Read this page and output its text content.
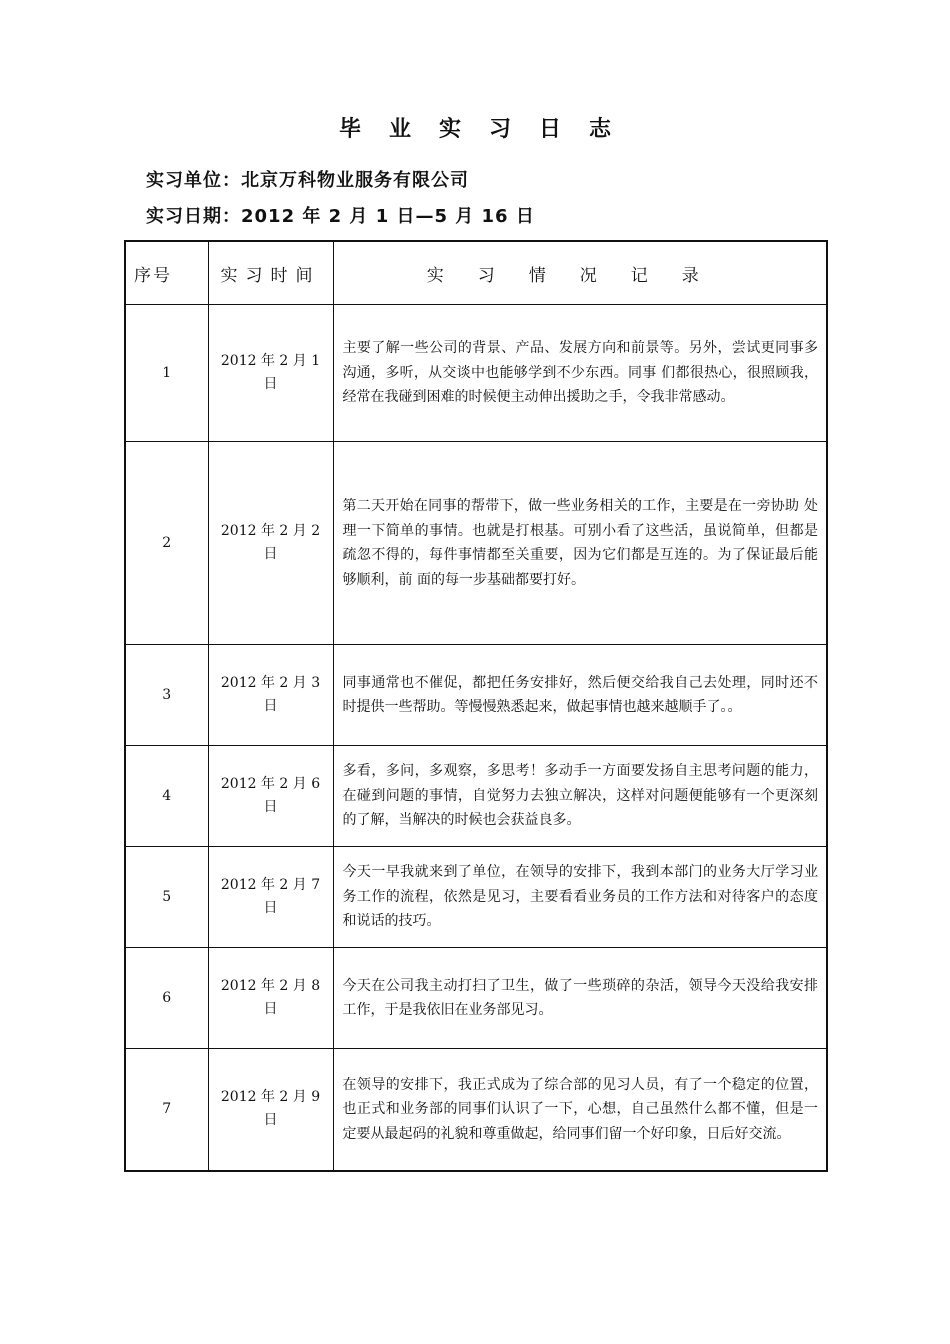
毕业实习日志
实习单位：北京万科物业服务有限公司
实习日期：2012 年 2 月 1 日—5 月 16 日
序号	实习时间	实习情况记录
1	2012 年 2 月 1 日	主要了解一些公司的背景、产品、发展方向和前景等。另外，尝试更同事多沟通，多听，从交谈中也能够学到不少东西。同事 们都很热心，很照顾我，经常在我碰到困难的时候便主动伸出援助之手，令我非常感动。
2	2012 年 2 月 2 日	第二天开始在同事的帮带下，做一些业务相关的工作，主要是在一旁协助 处理一下简单的事情。也就是打根基。可别小看了这些活，虽说简单，但都是疏忽不得的，每件事情都至关重要，因为它们都是互连的。为了保证最后能够顺利，前 面的每一步基础都要打好。
3	2012 年 2 月 3 日	同事通常也不催促，都把任务安排好，然后便交给我自己去处理，同时还不时提供一些帮助。等慢慢熟悉起来，做起事情也越来越顺手了。。
4	2012 年 2 月 6 日	多看，多问，多观察，多思考！多动手一方面要发扬自主思考问题的能力，在碰到问题的事情，自觉努力去独立解决，这样对问题便能够有一个更深刻的了解，当解决的时候也会获益良多。
5	2012 年 2 月 7 日	今天一早我就来到了单位，在领导的安排下，我到本部门的业务大厅学习业务工作的流程，依然是见习，主要看看业务员的工作方法和对待客户的态度和说话的技巧。
6	2012 年 2 月 8 日	今天在公司我主动打扫了卫生，做了一些琐碎的杂活，领导今天没给我安排工作，于是我依旧在业务部见习。
7	2012 年 2 月 9 日	在领导的安排下，我正式成为了综合部的见习人员，有了一个稳定的位置，也正式和业务部的同事们认识了一下，心想，自己虽然什么都不懂，但是一定要从最起码的礼貌和尊重做起，给同事们留一个好印象，日后好交流。
